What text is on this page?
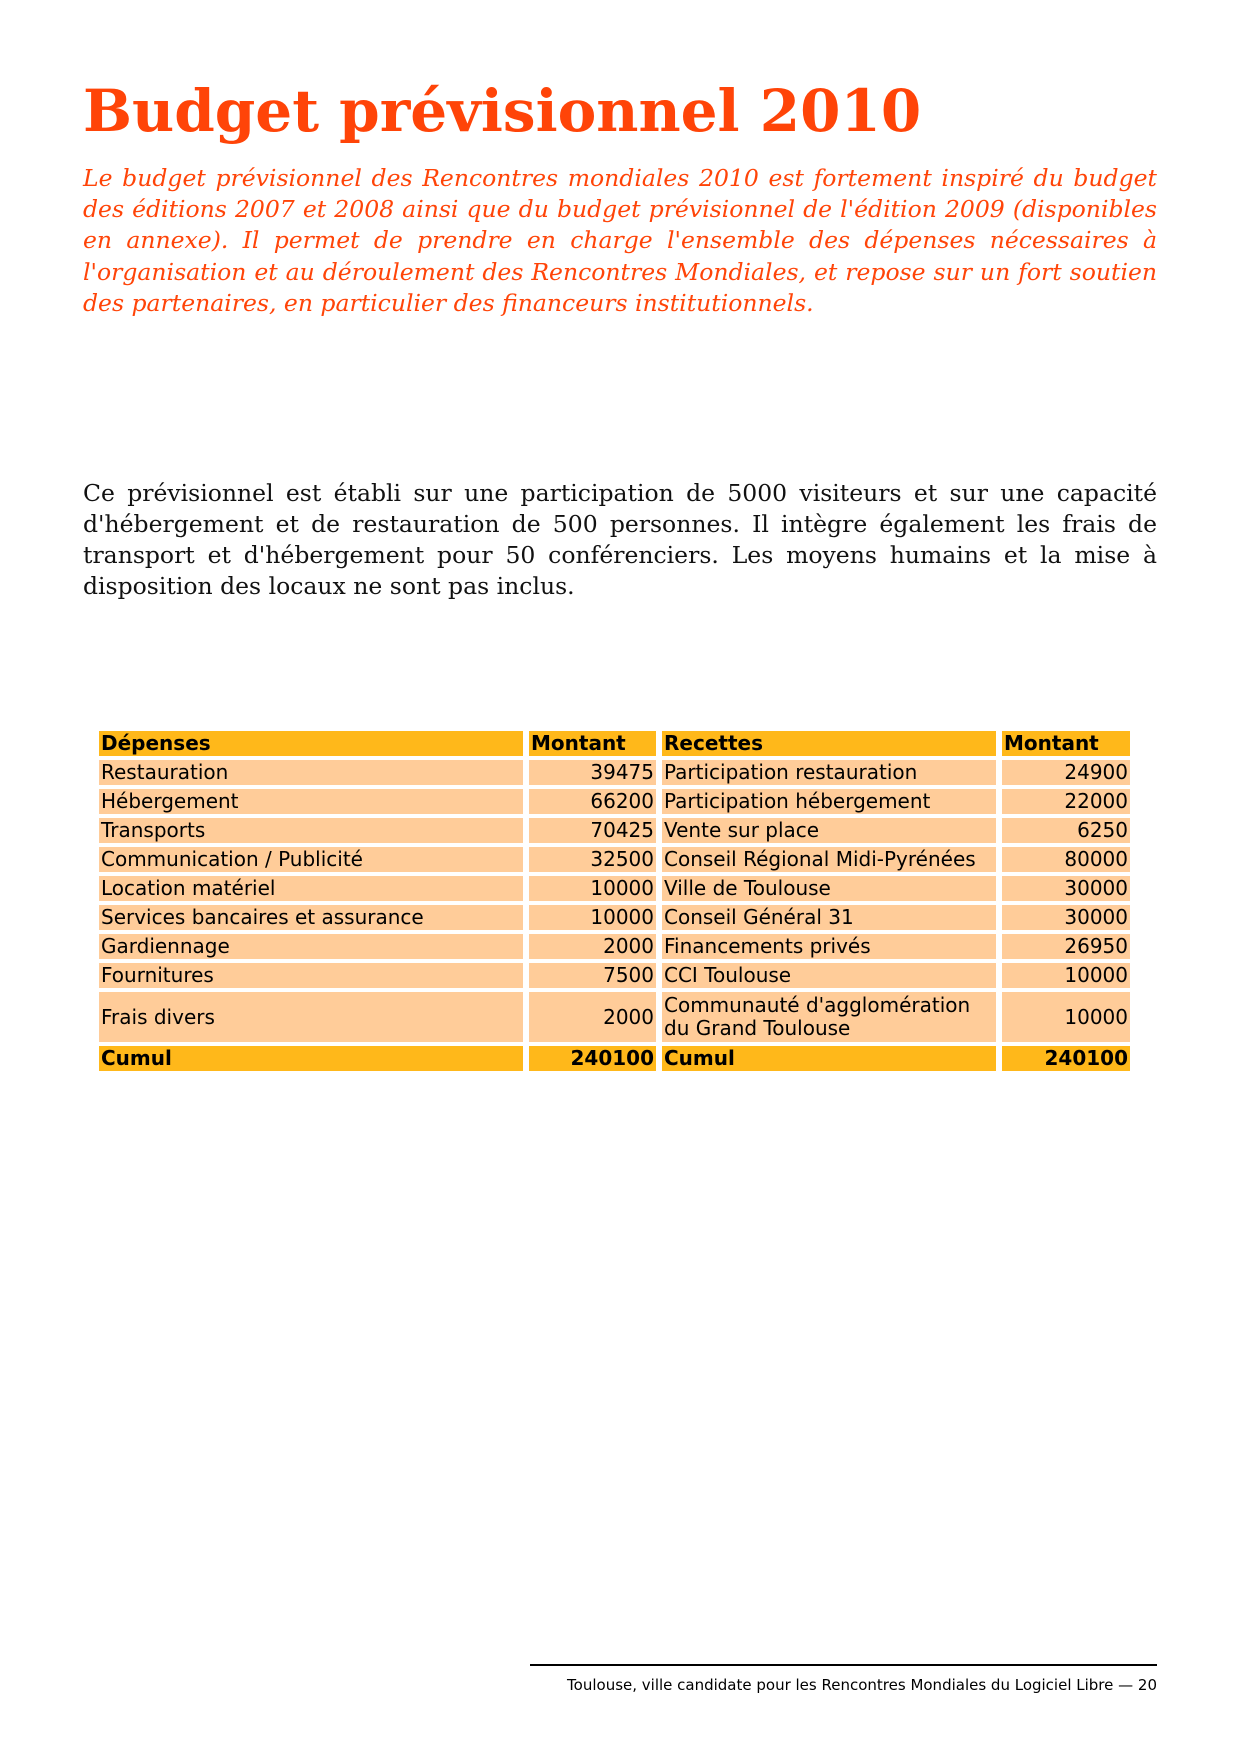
Budget prévisionnel 2010

Le budget prévisionnel des Rencontres mondiales 2010 est fortement inspiré du budget des éditions 2007 et 2008 ainsi que du budget prévisionnel de l'édition 2009 (disponibles en annexe). Il permet de prendre en charge l'ensemble des dépenses nécessaires à l'organisation et au déroulement des Rencontres Mondiales, et repose sur un fort soutien des partenaires, en particulier des financeurs institutionnels.

Ce prévisionnel est établi sur une participation de 5000 visiteurs et sur une capacité d'hébergement et de restauration de 500 personnes. Il intègre également les frais de transport et d'hébergement pour 50 conférenciers. Les moyens humains et la mise à disposition des locaux ne sont pas inclus.

Dépenses	Montant	Recettes	Montant
Restauration	39475	Participation restauration	24900
Hébergement	66200	Participation hébergement	22000
Transports	70425	Vente sur place	6250
Communication / Publicité	32500	Conseil Régional Midi-Pyrénées	80000
Location matériel	10000	Ville de Toulouse	30000
Services bancaires et assurance	10000	Conseil Général 31	30000
Gardiennage	2000	Financements privés	26950
Fournitures	7500	CCI Toulouse	10000
Frais divers	2000	Communauté d'agglomération du Grand Toulouse	10000
Cumul	240100	Cumul	240100

Toulouse, ville candidate pour les Rencontres Mondiales du Logiciel Libre — 20
